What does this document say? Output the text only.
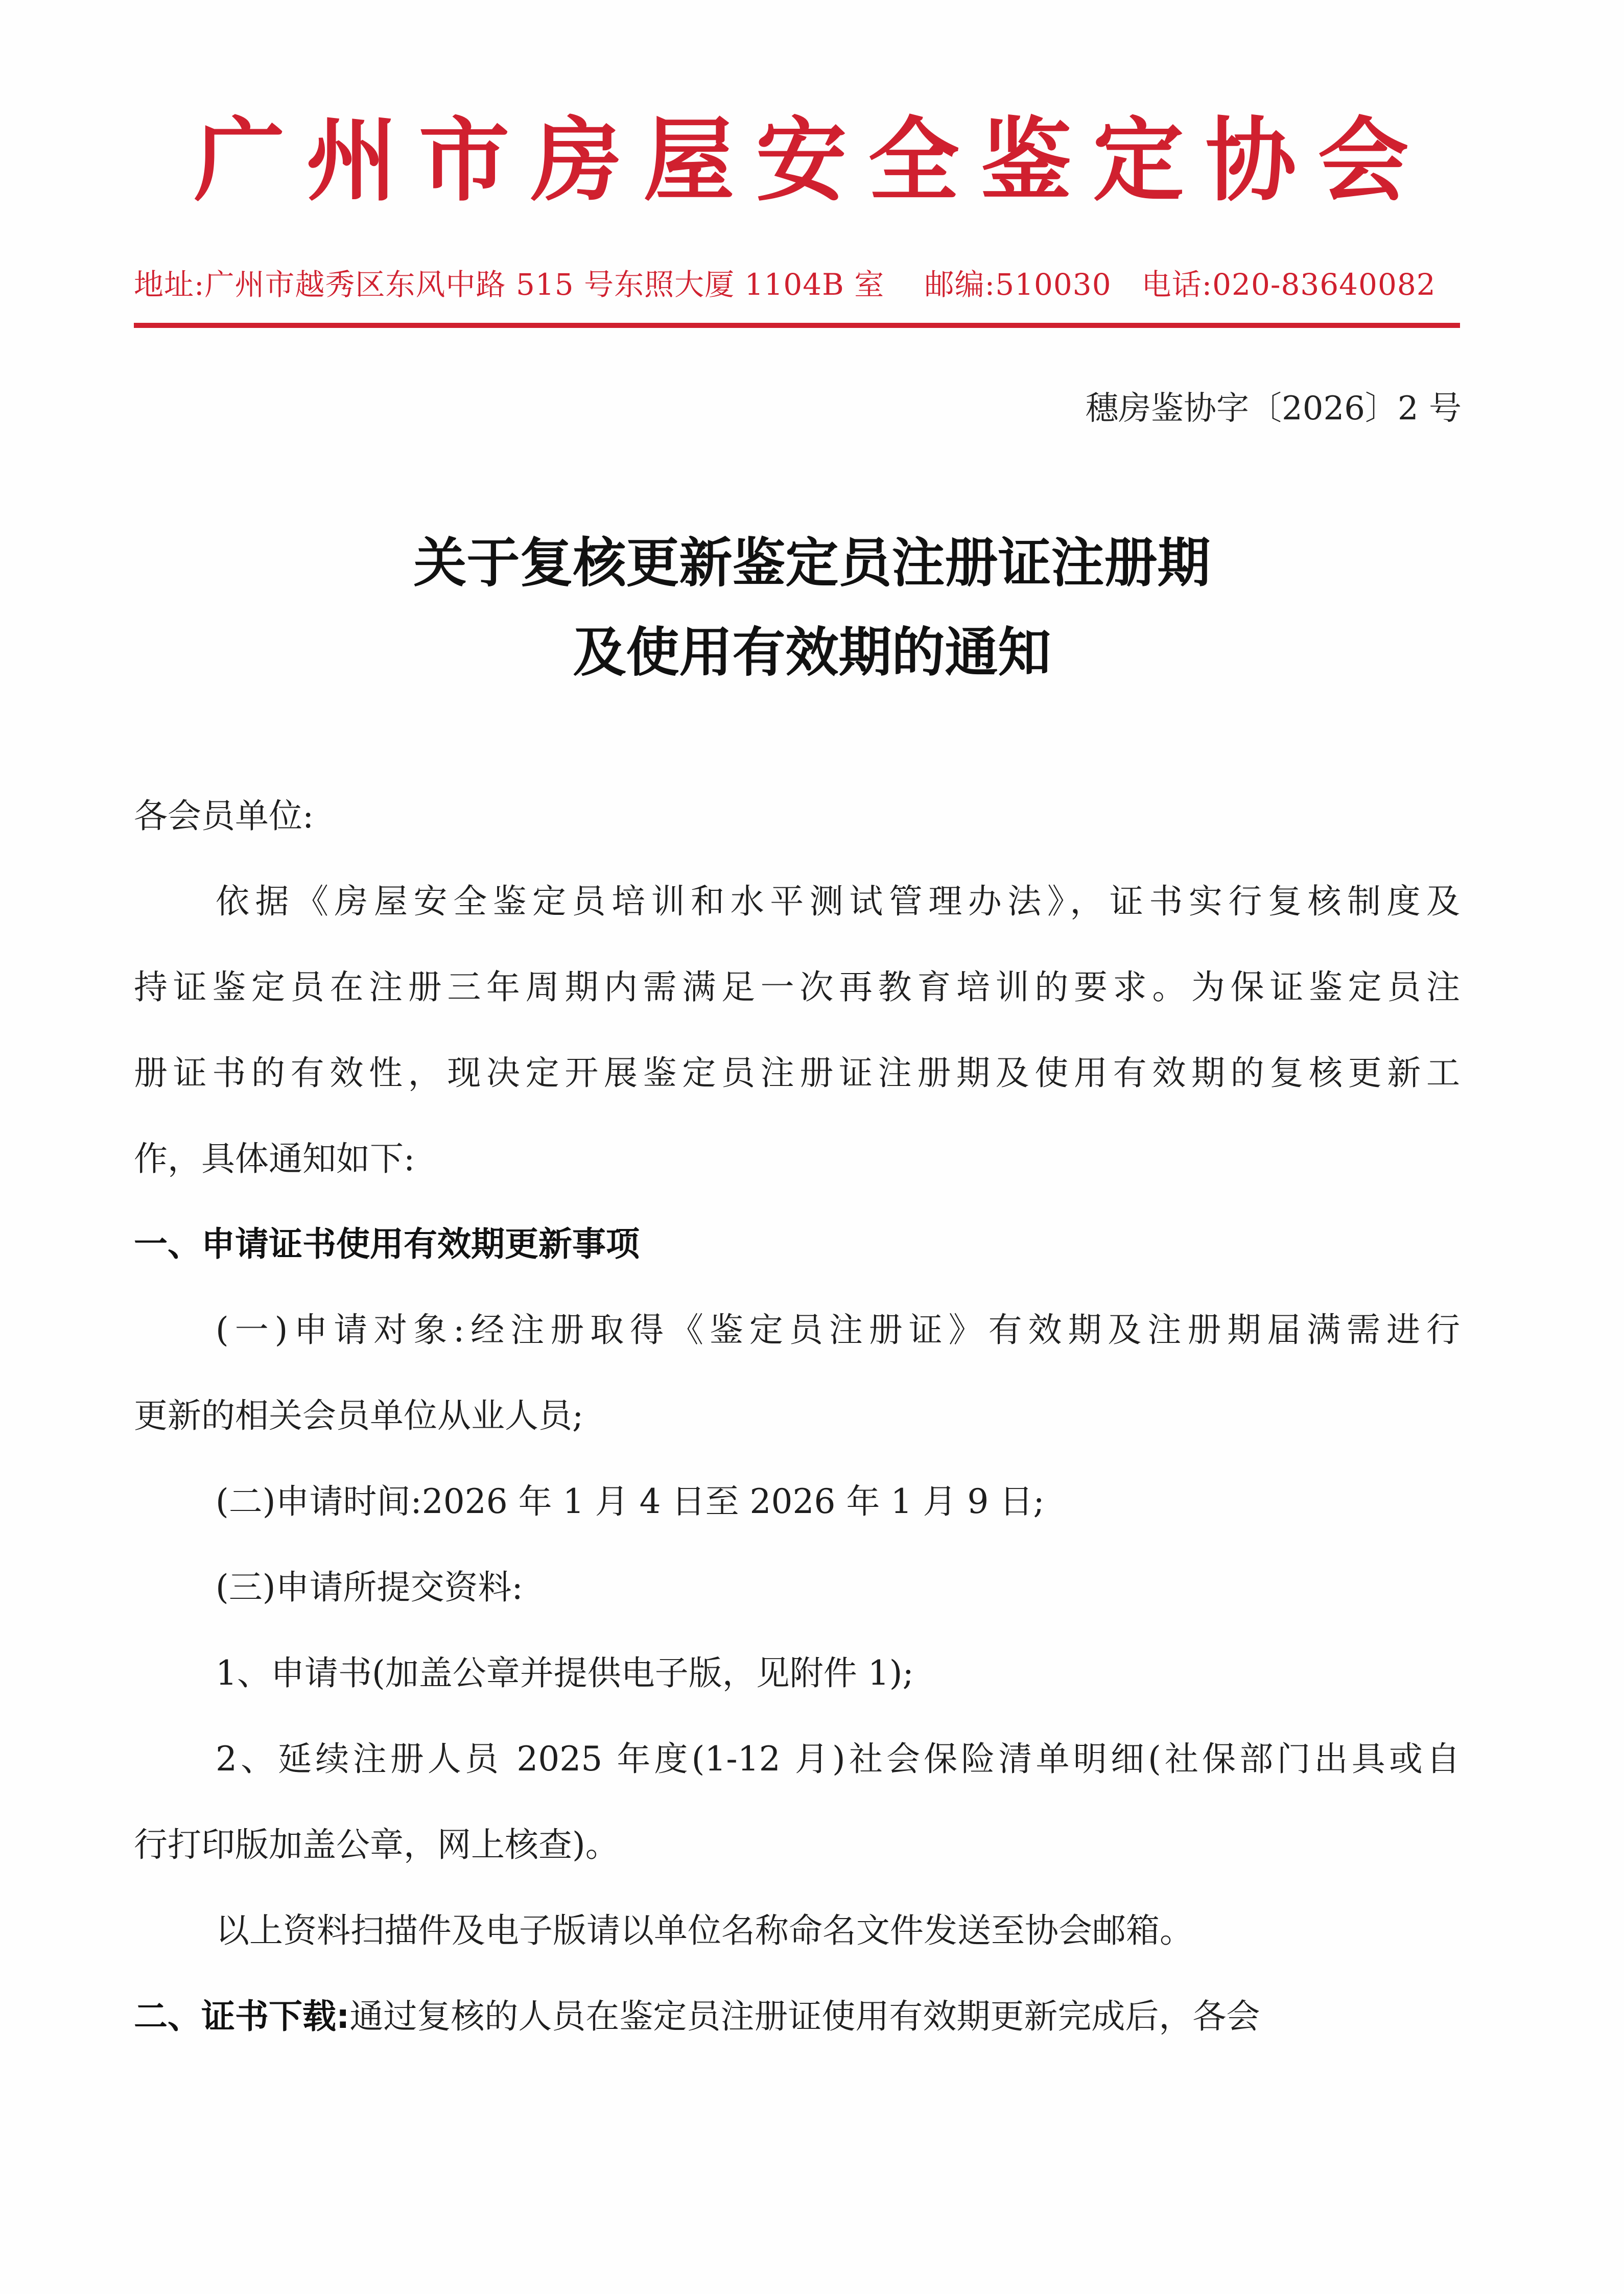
广州市房屋安全鉴定协会
地址:广州市越秀区东风中路 515 号东照大厦 1104B 室　 邮编:510030　电话:020-83640082
穗房鉴协字〔2026〕2 号
关于复核更新鉴定员注册证注册期
及使用有效期的通知
各会员单位:
依据《房屋安全鉴定员培训和水平测试管理办法》，证书实行复核制度及
持证鉴定员在注册三年周期内需满足一次再教育培训的要求。为保证鉴定员注
册证书的有效性，现决定开展鉴定员注册证注册期及使用有效期的复核更新工
作，具体通知如下:
一、申请证书使用有效期更新事项
(一)申请对象:经注册取得《鉴定员注册证》有效期及注册期届满需进行
更新的相关会员单位从业人员;
(二)申请时间:2026 年 1 月 4 日至 2026 年 1 月 9 日;
(三)申请所提交资料:
1、申请书(加盖公章并提供电子版，见附件 1);
2、延续注册人员 2025 年度(1-12 月)社会保险清单明细(社保部门出具或自
行打印版加盖公章，网上核查)。
以上资料扫描件及电子版请以单位名称命名文件发送至协会邮箱。
二、证书下载:通过复核的人员在鉴定员注册证使用有效期更新完成后，各会
